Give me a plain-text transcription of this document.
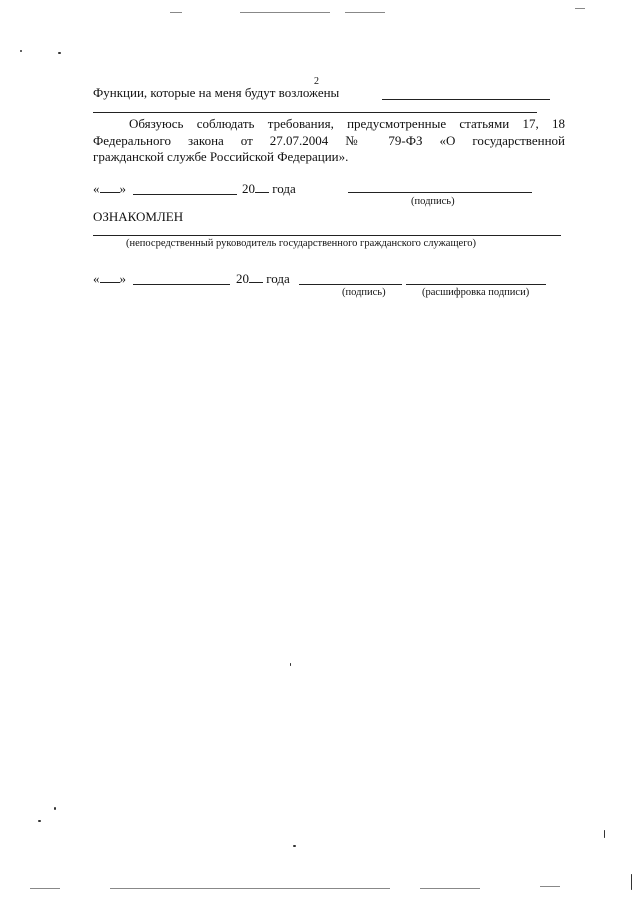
2
Функции, которые на меня будут возложены
Обязуюсь соблюдать требования, предусмотренные статьями 17, 18
Федерального закона от 27.07.2004 № 79-ФЗ «О государственной
гражданской службе Российской Федерации».
« »	20 года
(подпись)
ОЗНАКОМЛЕН
(непосредственный руководитель государственного гражданского служащего)
« »	20 года
(подпись)	(расшифровка подписи)
